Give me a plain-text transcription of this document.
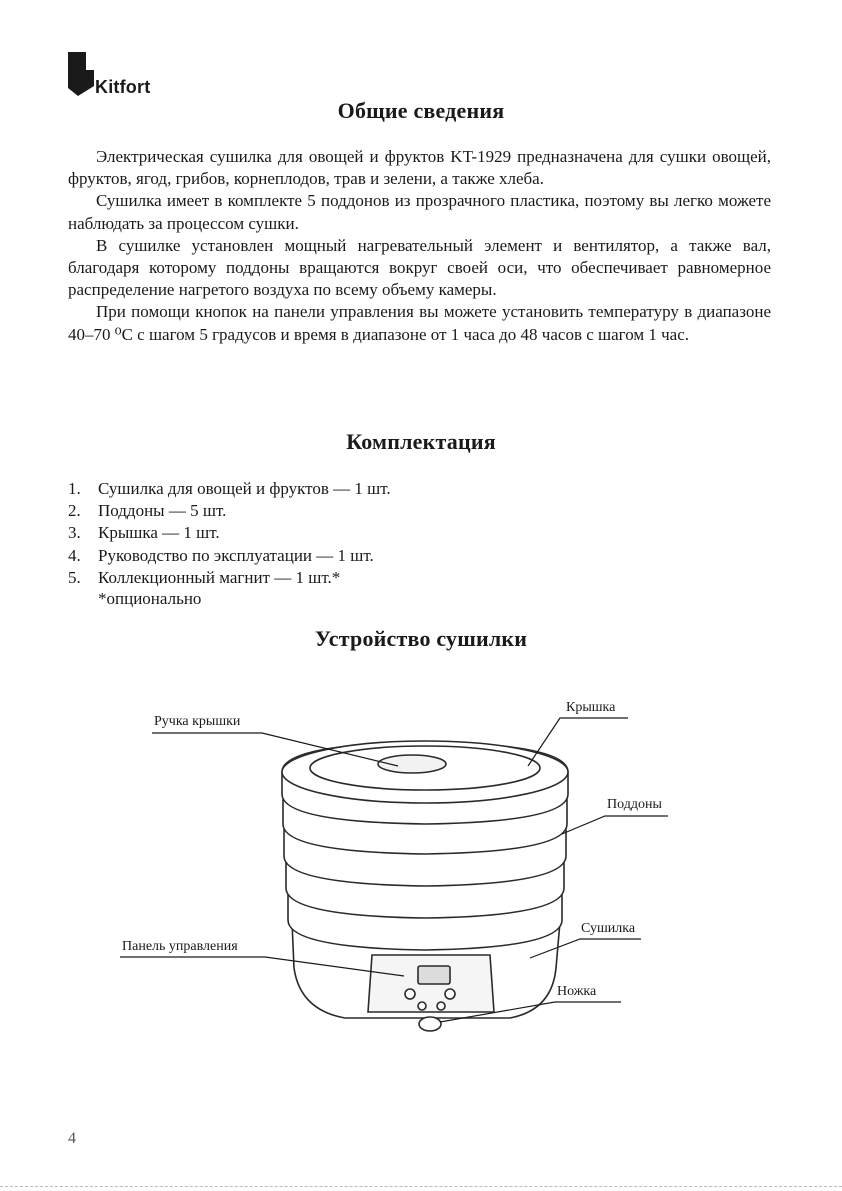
Kitfort
Общие сведения

Электрическая сушилка для овощей и фруктов KT-1929 предназначена для сушки овощей, фруктов, ягод, грибов, корнеплодов, трав и зелени, а также хлеба.

Сушилка имеет в комплекте 5 поддонов из прозрачного пластика, поэтому вы легко можете наблюдать за процессом сушки.

В сушилке установлен мощный нагревательный элемент и вентилятор, а также вал, благодаря которому поддоны вращаются вокруг своей оси, что обеспечивает равномерное распределение нагретого воздуха по всему объему камеры.

При помощи кнопок на панели управления вы можете установить температуру в диапазоне 40–70 ⁰С с шагом 5 градусов и время в диапазоне от 1 часа до 48 часов с шагом 1 час.

Комплектация
1. Сушилка для овощей и фруктов — 1 шт.
2. Поддоны — 5 шт.
3. Крышка — 1 шт.
4. Руководство по эксплуатации — 1 шт.
5. Коллекционный магнит — 1 шт.*
*опционально
Устройство сушилки
Ручка крышки
Крышка
Поддоны
Сушилка
Панель управления
Ножка
4
